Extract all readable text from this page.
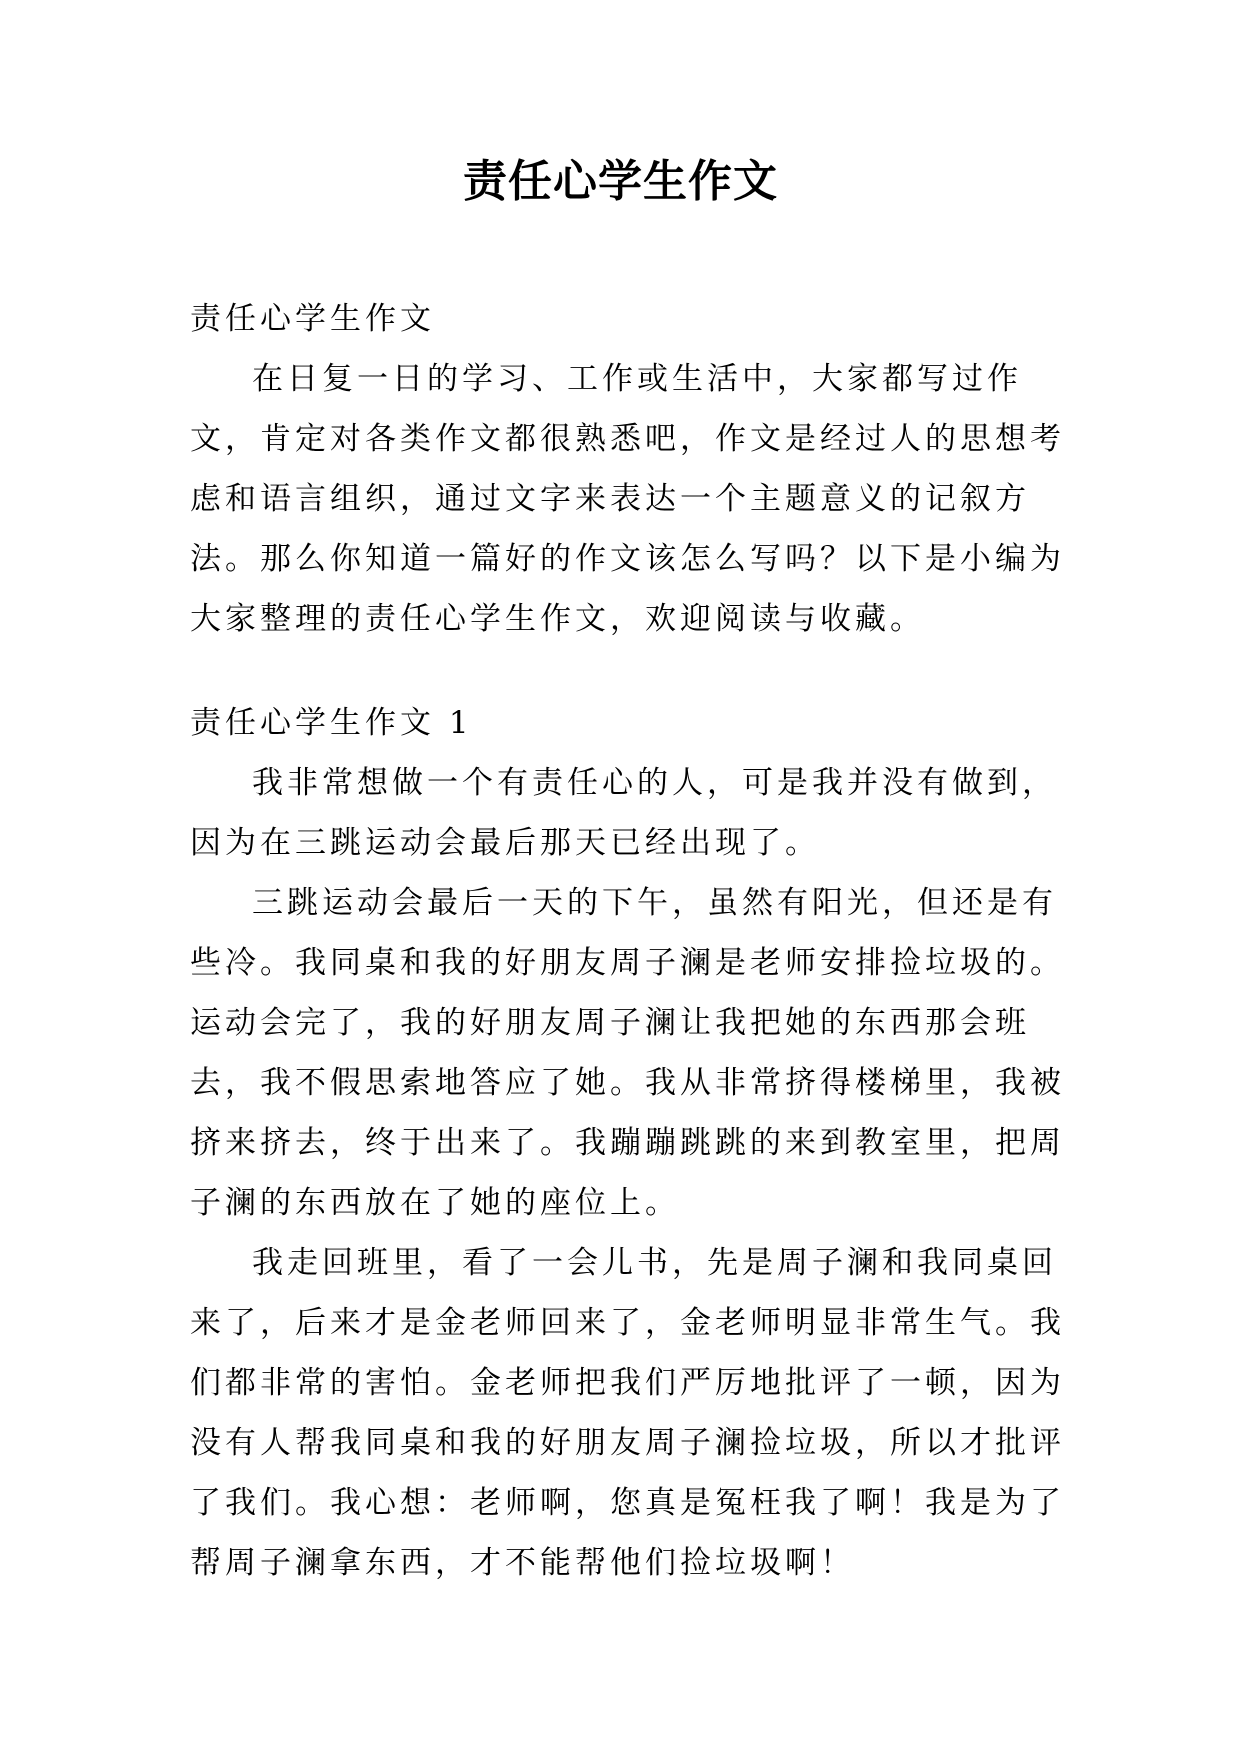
责任心学生作文

责任心学生作文

在日复一日的学习、工作或生活中，大家都写过作文，肯定对各类作文都很熟悉吧，作文是经过人的思想考虑和语言组织，通过文字来表达一个主题意义的记叙方法。那么你知道一篇好的作文该怎么写吗？以下是小编为大家整理的责任心学生作文，欢迎阅读与收藏。

责任心学生作文 1

我非常想做一个有责任心的人，可是我并没有做到，因为在三跳运动会最后那天已经出现了。

三跳运动会最后一天的下午，虽然有阳光，但还是有些冷。我同桌和我的好朋友周子澜是老师安排捡垃圾的。运动会完了，我的好朋友周子澜让我把她的东西那会班去，我不假思索地答应了她。我从非常挤得楼梯里，我被挤来挤去，终于出来了。我蹦蹦跳跳的来到教室里，把周子澜的东西放在了她的座位上。

我走回班里，看了一会儿书，先是周子澜和我同桌回来了，后来才是金老师回来了，金老师明显非常生气。我们都非常的害怕。金老师把我们严厉地批评了一顿，因为没有人帮我同桌和我的好朋友周子澜捡垃圾，所以才批评了我们。我心想：老师啊，您真是冤枉我了啊！我是为了帮周子澜拿东西，才不能帮他们捡垃圾啊！
